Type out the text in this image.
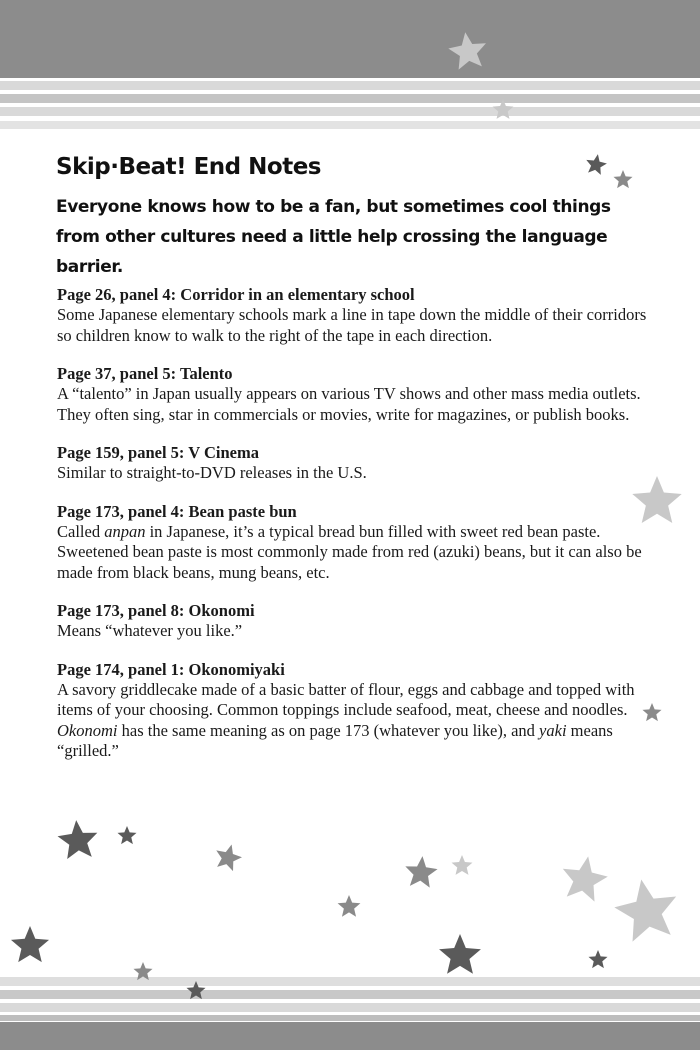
Skip·Beat! End Notes

Everyone knows how to be a fan, but sometimes cool things from other cultures need a little help crossing the language barrier.

Page 26, panel 4: Corridor in an elementary school

Some Japanese elementary schools mark a line in tape down the middle of their corridors so children know to walk to the right of the tape in each direction.

Page 37, panel 5: Talento

A “talento” in Japan usually appears on various TV shows and other mass media outlets. They often sing, star in commercials or movies, write for magazines, or publish books.

Page 159, panel 5: V Cinema

Similar to straight-to-DVD releases in the U.S.

Page 173, panel 4: Bean paste bun

Called anpan in Japanese, it’s a typical bread bun filled with sweet red bean paste. Sweetened bean paste is most commonly made from red (azuki) beans, but it can also be made from black beans, mung beans, etc.

Page 173, panel 8: Okonomi

Means “whatever you like.”

Page 174, panel 1: Okonomiyaki

A savory griddlecake made of a basic batter of flour, eggs and cabbage and topped with items of your choosing. Common toppings include seafood, meat, cheese and noodles. Okonomi has the same meaning as on page 173 (whatever you like), and yaki means “grilled.”
